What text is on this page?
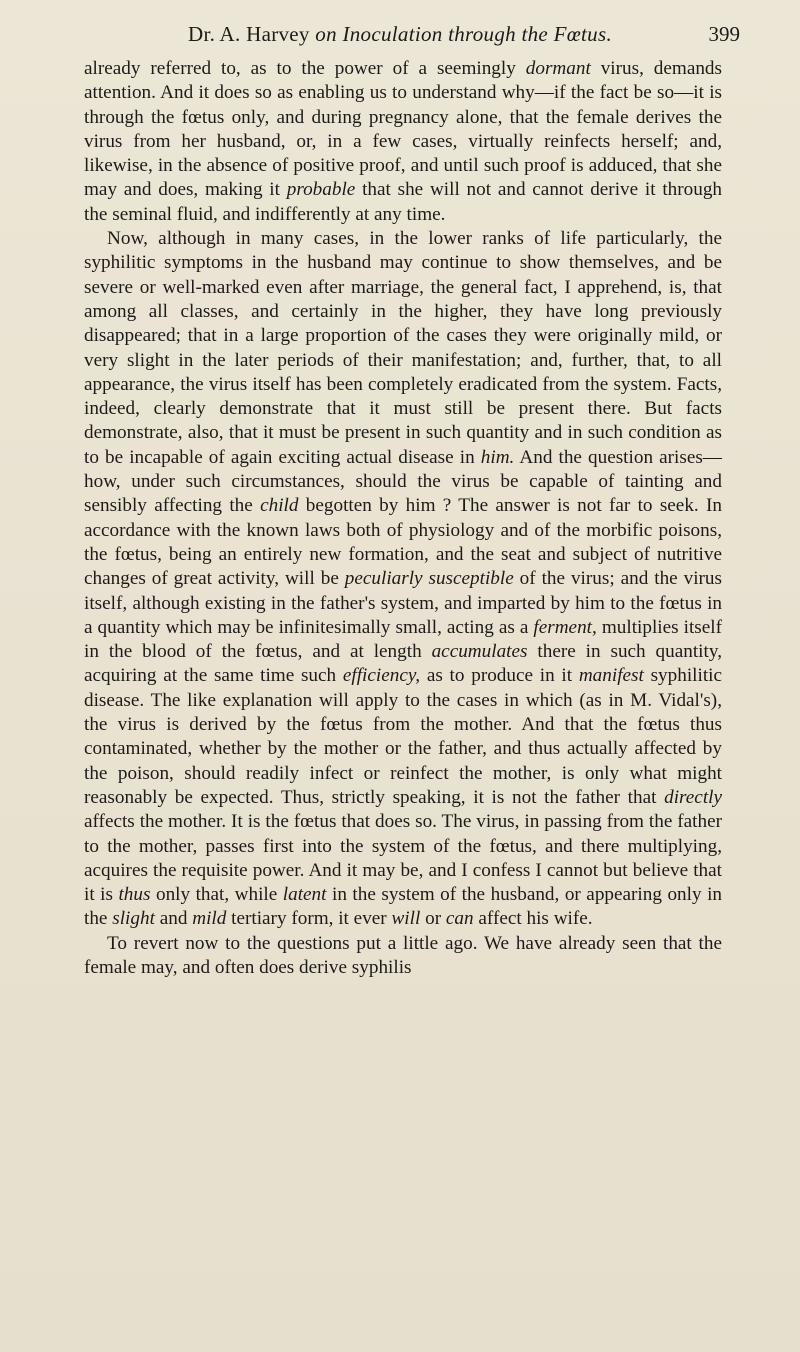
Dr. A. Harvey on Inoculation through the Fœtus.	399

already referred to, as to the power of a seemingly dormant virus, demands attention. And it does so as enabling us to understand why—if the fact be so—it is through the fœtus only, and during pregnancy alone, that the female derives the virus from her husband, or, in a few cases, virtually reinfects herself; and, likewise, in the absence of positive proof, and until such proof is adduced, that she may and does, making it probable that she will not and cannot derive it through the seminal fluid, and indifferently at any time.

Now, although in many cases, in the lower ranks of life particularly, the syphilitic symptoms in the husband may continue to show themselves, and be severe or well-marked even after marriage, the general fact, I apprehend, is, that among all classes, and certainly in the higher, they have long previously disappeared; that in a large proportion of the cases they were originally mild, or very slight in the later periods of their manifestation; and, further, that, to all appearance, the virus itself has been completely eradicated from the system. Facts, indeed, clearly demonstrate that it must still be present there. But facts demonstrate, also, that it must be present in such quantity and in such condition as to be incapable of again exciting actual disease in him. And the question arises—how, under such circumstances, should the virus be capable of tainting and sensibly affecting the child begotten by him ? The answer is not far to seek. In accordance with the known laws both of physiology and of the morbific poisons, the fœtus, being an entirely new formation, and the seat and subject of nutritive changes of great activity, will be peculiarly susceptible of the virus; and the virus itself, although existing in the father's system, and imparted by him to the fœtus in a quantity which may be infinitesimally small, acting as a ferment, multiplies itself in the blood of the fœtus, and at length accumulates there in such quantity, acquiring at the same time such efficiency, as to produce in it manifest syphilitic disease. The like explanation will apply to the cases in which (as in M. Vidal's), the virus is derived by the fœtus from the mother. And that the fœtus thus contaminated, whether by the mother or the father, and thus actually affected by the poison, should readily infect or reinfect the mother, is only what might reasonably be expected. Thus, strictly speaking, it is not the father that directly affects the mother. It is the fœtus that does so. The virus, in passing from the father to the mother, passes first into the system of the fœtus, and there multiplying, acquires the requisite power. And it may be, and I confess I cannot but believe that it is thus only that, while latent in the system of the husband, or appearing only in the slight and mild tertiary form, it ever will or can affect his wife.

To revert now to the questions put a little ago. We have already seen that the female may, and often does derive syphilis
